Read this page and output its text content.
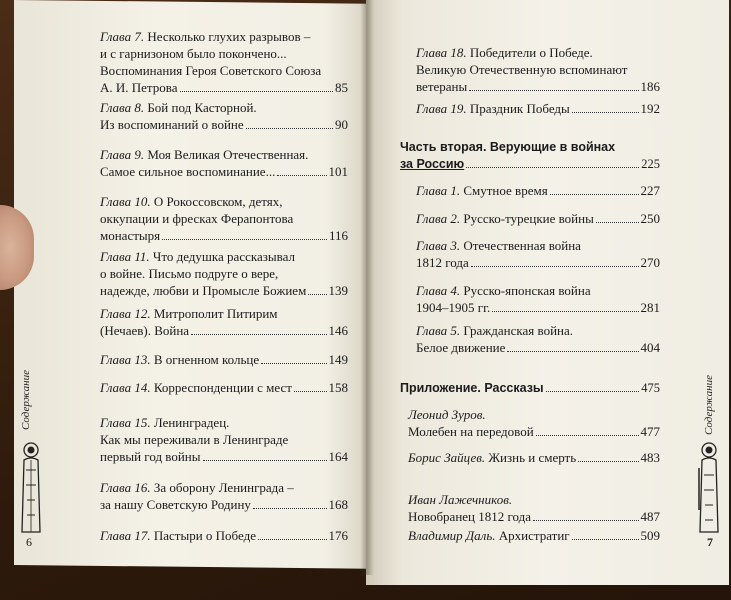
Глава 7. Несколько глухих разрывов –
и с гарнизоном было покончено...
Воспоминания Героя Советского Союза
А. И. Петрова	85
Глава 8. Бой под Касторной.
Из воспоминаний о войне	90
Глава 9. Моя Великая Отечественная.
Самое сильное воспоминание...	101
Глава 10. О Рокоссовском, детях,
оккупации и фресках Ферапонтова
монастыря	116
Глава 11. Что дедушка рассказывал
о войне. Письмо подруге о вере,
надежде, любви и Промысле Божием 139
Глава 12. Митрополит Питирим
(Нечаев). Война	146
Глава 13. В огненном кольце	149
Глава 14. Корреспонденции с мест	158
Глава 15. Ленинградец.
Как мы переживали в Ленинграде
первый год войны	164
Глава 16. За оборону Ленинграда –
за нашу Советскую Родину	168
Глава 17. Пастыри о Победе	176
Глава 18. Победители о Победе.
Великую Отечественную вспоминают
ветераны	186
Глава 19. Праздник Победы	192
Часть вторая. Верующие в войнах
за Россию	225
Глава 1. Смутное время	227
Глава 2. Русско-турецкие войны	250
Глава 3. Отечественная война
1812 года	270
Глава 4. Русско-японская война
1904–1905 гг.	281
Глава 5. Гражданская война.
Белое движение	404
Приложение. Рассказы	475
Леонид Зуров.
Молебен на передовой	477
Борис Зайцев. Жизнь и смерть	483
Иван Лажечников.
Новобранец 1812 года	487
Владимир Даль. Архистратиг	509
Содержание
6
Содержание
7
